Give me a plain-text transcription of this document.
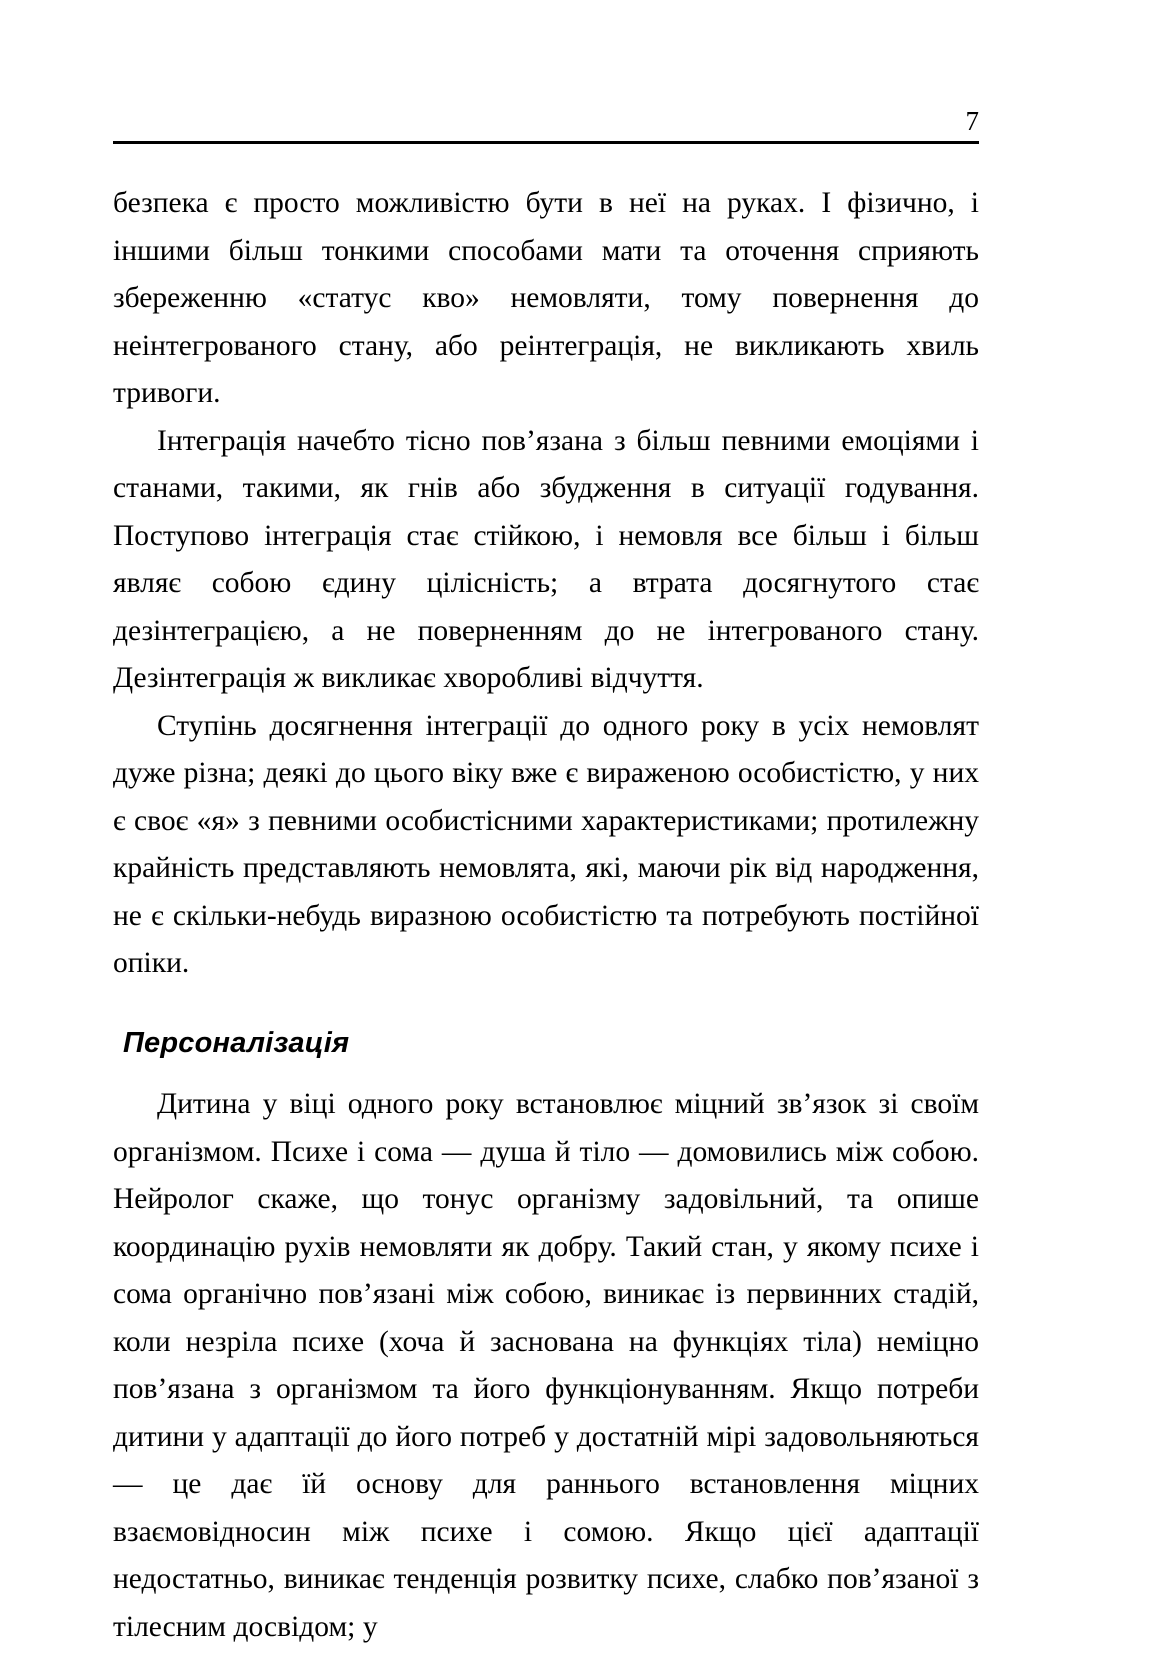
7

безпека є просто можливістю бути в неї на руках. І фізично, і іншими більш тонкими способами мати та оточення сприяють збереженню «статус кво» немовляти, тому повернення до неінтегрованого стану, або реінтеграція, не викликають хвиль тривоги.

Інтеграція начебто тісно пов’язана з більш певними емоціями і станами, такими, як гнів або збудження в ситуації годування. Поступово інтеграція стає стійкою, і немовля все більш і більш являє собою єдину цілісність; а втрата досягнутого стає дезінтеграцією, а не поверненням до не інтегрованого стану. Дезінтеграція ж викликає хворобливі відчуття.

Ступінь досягнення інтеграції до одного року в усіх немовлят дуже різна; деякі до цього віку вже є вираженою особистістю, у них є своє «я» з певними особистісними характеристиками; протилежну крайність представляють немовлята, які, маючи рік від народження, не є скільки-небудь виразною особистістю та потребують постійної опіки.

Персоналізація

Дитина у віці одного року встановлює міцний зв’язок зі своїм організмом. Психе і сома — душа й тіло — домовились між собою. Нейролог скаже, що тонус організму задовільний, та опише координацію рухів немовляти як добру. Такий стан, у якому психе і сома органічно пов’язані між собою, виникає із первинних стадій, коли незріла психе (хоча й заснована на функціях тіла) неміцно пов’язана з організмом та його функціонуванням. Якщо потреби дитини у адаптації до його потреб у достатній мірі задовольняються — це дає їй основу для раннього встановлення міцних взаємовідносин між психе і сомою. Якщо цієї адаптації недостатньо, виникає тенденція розвитку психе, слабко пов’язаної з тілесним досвідом; у
